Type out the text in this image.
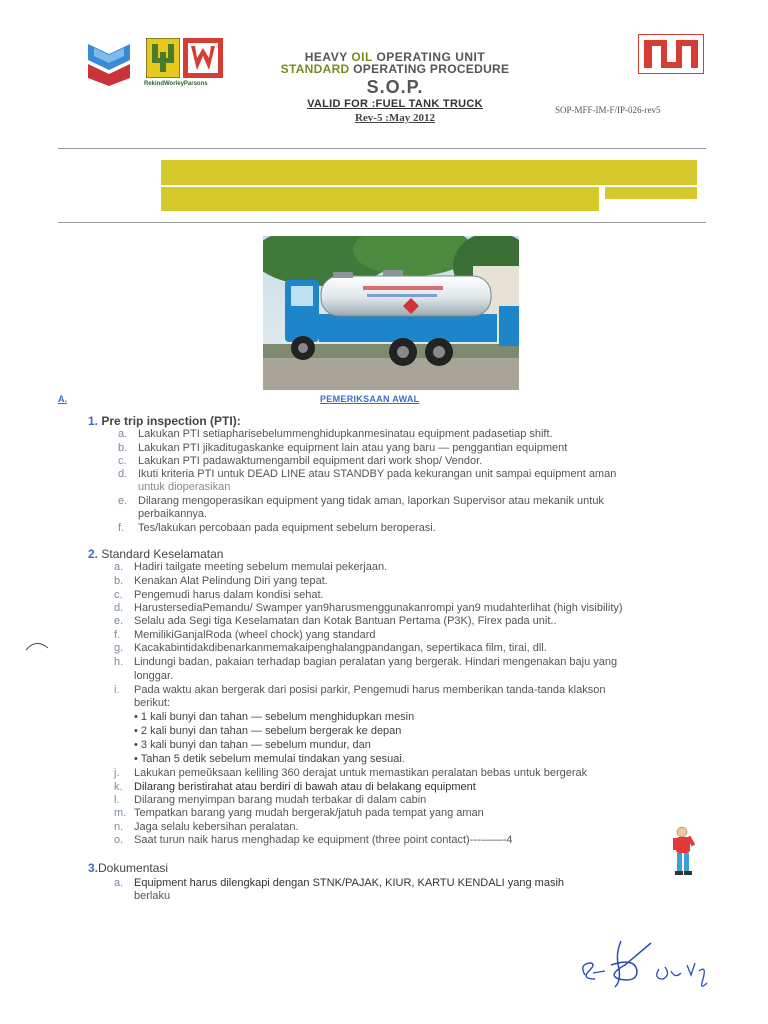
RekindWorleyParsons
HEAVY OIL OPERATING UNIT
STANDARD OPERATING PROCEDURE
S.O.P.
VALID FOR :FUEL TANK TRUCK
Rev-5 :May 2012
SOP-MFF-IM-F/IP-026-rev5
A.	PEMERIKSAAN AWAL
1. Pre trip inspection (PTI):
a. Lakukan PTI setiapharisebelummenghidupkanmesinatau equipment padasetiap shift.
b. Lakukan PTI jikaditugaskanke equipment lain atau yang baru — penggantian equipment
c. Lakukan PTI padawaktumengambil equipment dari work shop/ Vendor.
d. Ikuti kriteria PTI untuk DEAD LINE atau STANDBY pada kekurangan unit sampai equipment aman
untuk dioperasikan
e. Dilarang mengoperasikan equipment yang tidak aman, laporkan Supervisor atau mekanik untuk
perbaikannya.
f. Tes/lakukan percobaan pada equipment sebelum beroperasi.
2. Standard Keselamatan
a. Hadiri tailgate meeting sebelum memulai pekerjaan.
b. Kenakan Alat Pelindung Diri yang tepat.
c. Pengemudi harus dalam kondisi sehat.
d. HarustersediaPemandu/ Swamper yan9harusmenggunakanrompi yan9 mudahterlihat (high visibility)
e. Selalu ada Segi tiga Keselamatan dan Kotak Bantuan Pertama (P3K), Firex pada unit..
f. MemilikiGanjalRoda (wheel chock) yang standard
g. Kacakabintidakdibenarkanmemakaipenghalangpandangan, sepertikaca film, tirai, dll.
h. Lindungi badan, pakaian terhadap bagian peralatan yang bergerak. Hindari mengenakan baju yang
longgar.
i. Pada waktu akan bergerak dari posisi parkir, Pengemudi harus memberikan tanda-tanda klakson
berikut:
• 1 kali bunyi dan tahan — sebelum menghidupkan mesin
• 2 kali bunyi dan tahan — sebelum bergerak ke depan
• 3 kali bunyi dan tahan — sebelum mundur, dan
• Tahan 5 detik sebelum memulai tindakan yang sesuai.
j. Lakukan pemeŭksaan keliling 360 derajat untuk memastikan peralatan bebas untuk bergerak
k. Dilarang beristirahat atau berdiri di bawah atau di belakang equipment
l. Dilarang menyimpan barang mudah terbakar di dalam cabin
m. Tempatkan barang yang mudah bergerak/jatuh pada tempat yang aman
n. Jaga selalu kebersihan peralatan.
o. Saat turun naik harus menghadap ke equipment (three point contact)---——-4
3.Dokumentasi
a. Equipment harus dilengkapi dengan STNK/PAJAK, KIUR, KARTU KENDALI yang masih
berlaku
